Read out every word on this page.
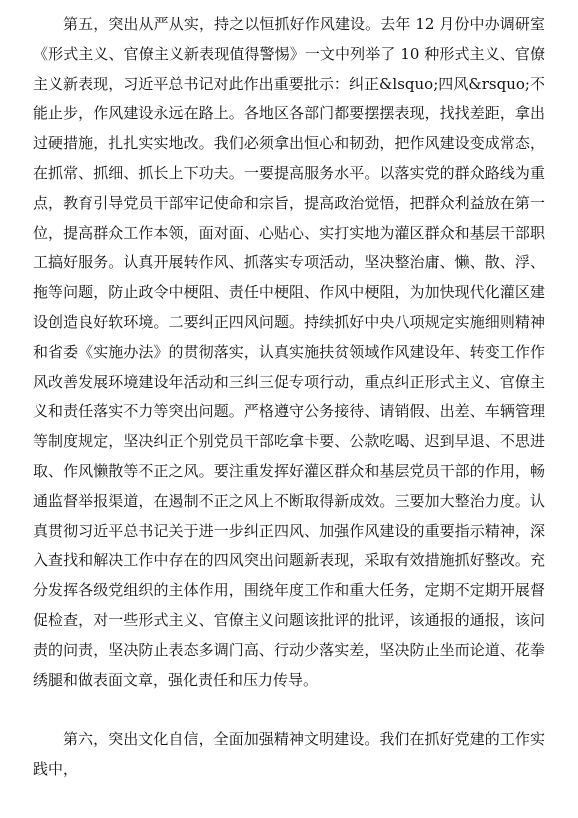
第五，突出从严从实，持之以恒抓好作风建设。去年 12 月份中办调研室《形式主义、官僚主义新表现值得警惕》一文中列举了 10 种形式主义、官僚主义新表现，习近平总书记对此作出重要批示：纠正&lsquo;四风&rsquo;不能止步，作风建设永远在路上。各地区各部门都要摆摆表现，找找差距，拿出过硬措施，扎扎实实地改。我们必须拿出恒心和韧劲，把作风建设变成常态，在抓常、抓细、抓长上下功夫。一要提高服务水平。以落实党的群众路线为重点，教育引导党员干部牢记使命和宗旨，提高政治觉悟，把群众利益放在第一位，提高群众工作本领，面对面、心贴心、实打实地为灌区群众和基层干部职工搞好服务。认真开展转作风、抓落实专项活动，坚决整治庸、懒、散、浮、拖等问题，防止政令中梗阻、责任中梗阻、作风中梗阻，为加快现代化灌区建设创造良好软环境。二要纠正四风问题。持续抓好中央八项规定实施细则精神和省委《实施办法》的贯彻落实，认真实施扶贫领域作风建设年、转变工作作风改善发展环境建设年活动和三纠三促专项行动，重点纠正形式主义、官僚主义和责任落实不力等突出问题。严格遵守公务接待、请销假、出差、车辆管理等制度规定，坚决纠正个别党员干部吃拿卡要、公款吃喝、迟到早退、不思进取、作风懒散等不正之风。要注重发挥好灌区群众和基层党员干部的作用，畅通监督举报渠道，在遏制不正之风上不断取得新成效。三要加大整治力度。认真贯彻习近平总书记关于进一步纠正四风、加强作风建设的重要指示精神，深入查找和解决工作中存在的四风突出问题新表现，采取有效措施抓好整改。充分发挥各级党组织的主体作用，围绕年度工作和重大任务，定期不定期开展督促检查，对一些形式主义、官僚主义问题该批评的批评，该通报的通报，该问责的问责，坚决防止表态多调门高、行动少落实差，坚决防止坐而论道、花拳绣腿和做表面文章，强化责任和压力传导。

第六，突出文化自信，全面加强精神文明建设。我们在抓好党建的工作实践中，
